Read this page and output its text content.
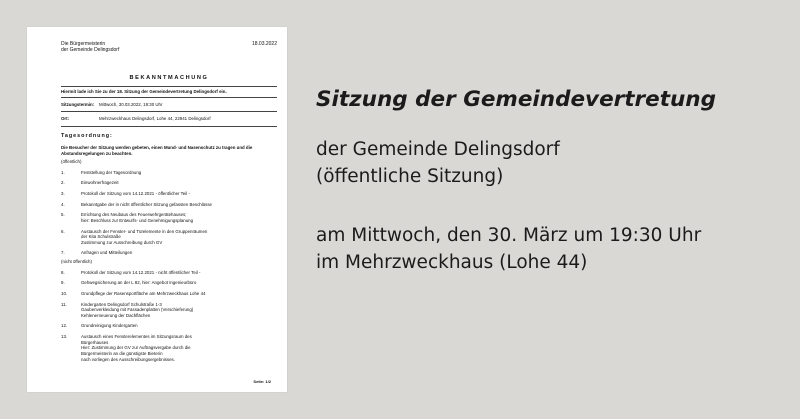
Die Bürgermeisterin
der Gemeinde Delingsdorf
18.03.2022
BEKANNTMACHUNG
Hiermit lade ich Sie zu der 18. Sitzung der Gemeindevertretung Delingsdorf ein.
Sitzungstermin:	Mittwoch, 30.03.2022, 19:30 Uhr
Ort:	Mehrzweckhaus Delingsdorf, Lohe 44, 22941 Delingsdorf
Tagesordnung:
Die Besucher der Sitzung werden gebeten, einen Mund- und Nasenschutz zu tragen und die Abstandsregelungen zu beachten.
(öffentlich)
1.	Feststellung der Tagesordnung
2.	Einwohnerfragezeit
3.	Protokoll der Sitzung vom 14.12.2021 - öffentlicher Teil -
4.	Bekanntgabe der in nicht öffentlicher Sitzung gefassten Beschlüsse
5.	Errichtung des Neubaus des Feuerwehrgerätehauses;
hier: Beschluss zur Entwurfs- und Genehmigungsplanung
6.	Austausch der Fenster- und Türelemente in den Gruppenräumen
der Kita Schulstraße
Zustimmung zur Ausschreibung durch GV
7.	Anfragen und Mitteilungen
(nicht öffentlich)
8.	Protokoll der Sitzung vom 14.12.2021 - nicht öffentlicher Teil -
9.	Gehwegsicherung an der L 82, hier: Angebot Ingenieurbüro
10.	Grundpflege der Rasensportfläche am Mehrzweckhaus Lohe 44
11.	Kindergarten Delingsdorf Schulstraße 1-3
Gaubenverkleidung mit Fassadenplatten (Verschieferung)
Kehlenerneuerung der Dachflächen
12.	Grundreinigung Kindergarten
13.	Austausch eines Fensterelementes im Sitzungsraum des
Bürgerhauses
Hier: Zustimmung der GV zur Auftragsvergabe durch die
Bürgermeisterin an die günstigste Bieterin
nach vorliegen des Ausschreibungsergebnisses.
Seite: 1/2
Sitzung der Gemeindevertretung

der Gemeinde Delingsdorf

(öffentliche Sitzung)

am Mittwoch, den 30. März um 19:30 Uhr

im Mehrzweckhaus (Lohe 44)
